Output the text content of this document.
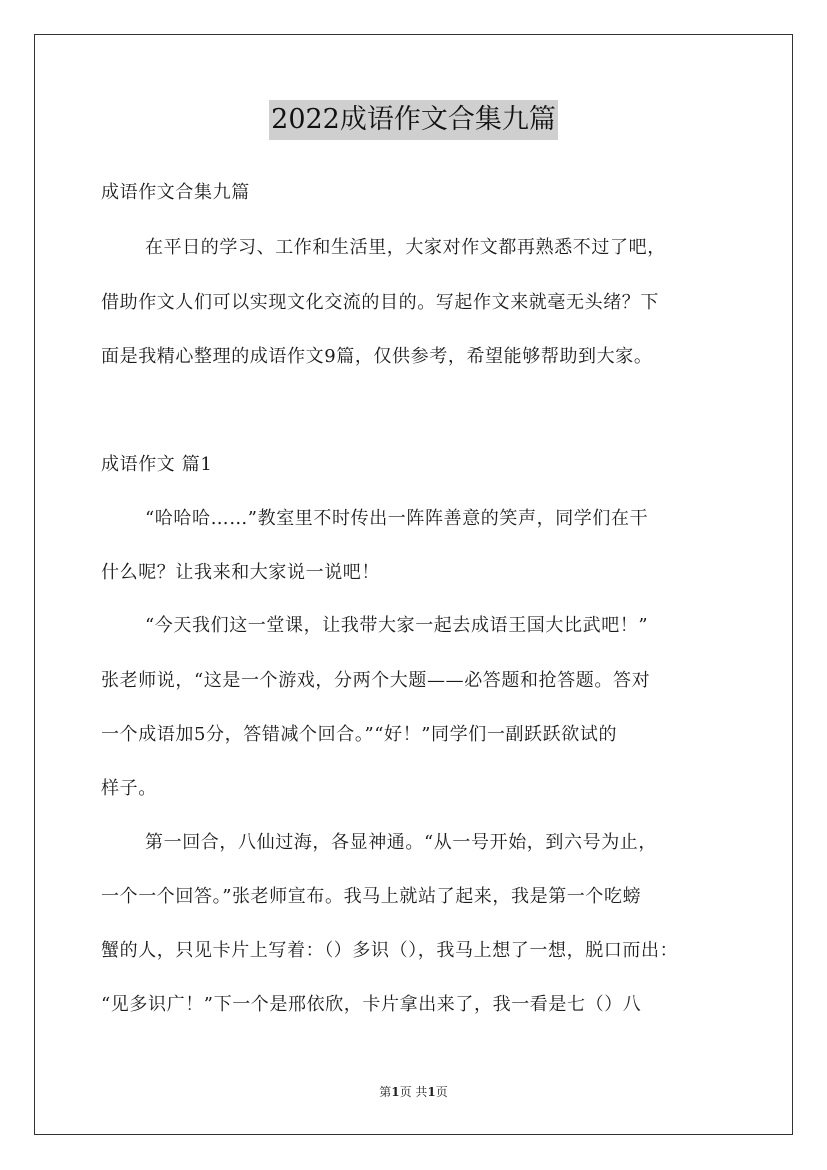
2022成语作文合集九篇
成语作文合集九篇
在平日的学习、工作和生活里，大家对作文都再熟悉不过了吧，
借助作文人们可以实现文化交流的目的。写起作文来就毫无头绪？下
面是我精心整理的成语作文9篇，仅供参考，希望能够帮助到大家。
成语作文 篇1
“哈哈哈……”教室里不时传出一阵阵善意的笑声，同学们在干
什么呢？让我来和大家说一说吧！
“今天我们这一堂课，让我带大家一起去成语王国大比武吧！”
张老师说，“这是一个游戏，分两个大题——必答题和抢答题。答对
一个成语加5分，答错减个回合。”“好！”同学们一副跃跃欲试的
样子。
第一回合，八仙过海，各显神通。“从一号开始，到六号为止，
一个一个回答。”张老师宣布。我马上就站了起来，我是第一个吃螃
蟹的人，只见卡片上写着：（）多识（），我马上想了一想，脱口而出：
“见多识广！”下一个是邢依欣，卡片拿出来了，我一看是七（）八
第1页 共1页
